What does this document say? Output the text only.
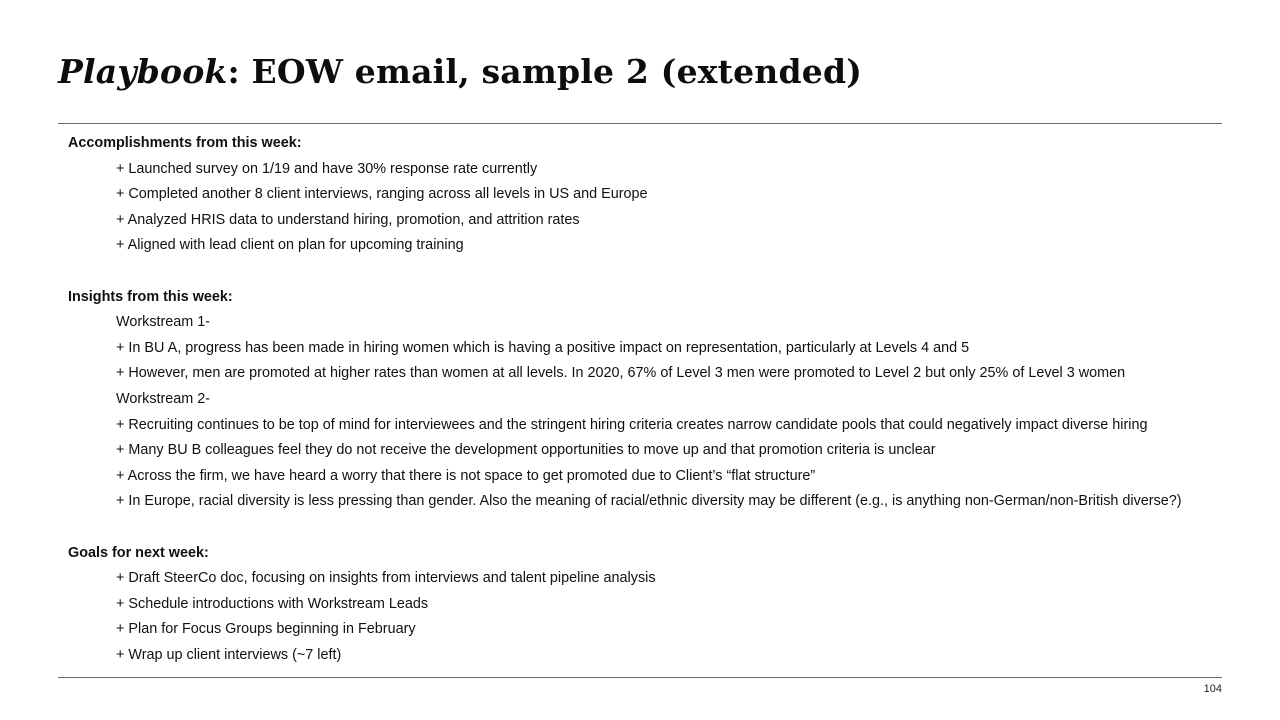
Playbook: EOW email, sample 2 (extended)
Accomplishments from this week:
+ Launched survey on 1/19 and have 30% response rate currently
+ Completed another 8 client interviews, ranging across all levels in US and Europe
+ Analyzed HRIS data to understand hiring, promotion, and attrition rates
+ Aligned with lead client on plan for upcoming training
Insights from this week:
Workstream 1-
+ In BU A, progress has been made in hiring women which is having a positive impact on representation, particularly at Levels 4 and 5
+ However, men are promoted at higher rates than women at all levels. In 2020, 67% of Level 3 men were promoted to Level 2 but only 25% of Level 3 women
Workstream 2-
+ Recruiting continues to be top of mind for interviewees and the stringent hiring criteria creates narrow candidate pools that could negatively impact diverse hiring
+ Many BU B colleagues feel they do not receive the development opportunities to move up and that promotion criteria is unclear
+ Across the firm, we have heard a worry that there is not space to get promoted due to Client’s “flat structure”
+ In Europe, racial diversity is less pressing than gender. Also the meaning of racial/ethnic diversity may be different (e.g., is anything non-German/non-British diverse?)
Goals for next week:
+ Draft SteerCo doc, focusing on insights from interviews and talent pipeline analysis
+ Schedule introductions with Workstream Leads
+ Plan for Focus Groups beginning in February
+ Wrap up client interviews (~7 left)
104
